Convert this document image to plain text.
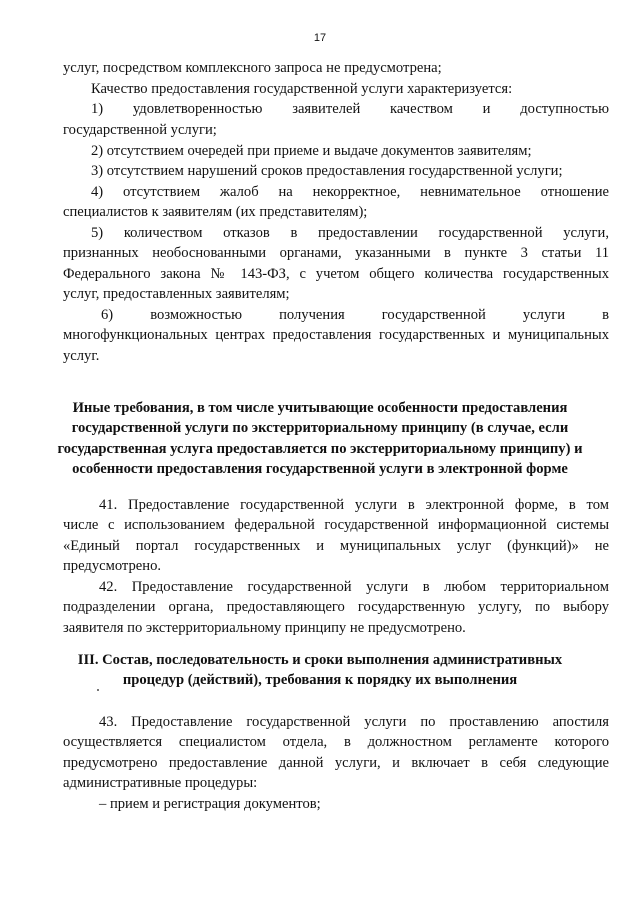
17
услуг, посредством комплексного запроса не предусмотрена;
Качество предоставления государственной услуги характеризуется:
1) удовлетворенностью заявителей качеством и доступностью
государственной услуги;
2) отсутствием очередей при приеме и выдаче документов заявителям;
3) отсутствием нарушений сроков предоставления государственной услуги;
4) отсутствием жалоб на некорректное, невнимательное отношение
специалистов к заявителям (их представителям);
5) количеством отказов в предоставлении государственной услуги,
признанных необоснованными органами, указанными в пункте 3 статьи 11
Федерального закона № 143-ФЗ, с учетом общего количества государственных
услуг, предоставленных заявителям;
6) возможностью получения государственной услуги в
многофункциональных центрах предоставления государственных и муниципальных
услуг.
Иные требования, в том числе учитывающие особенности предоставления
государственной услуги по экстерриториальному принципу (в случае, если
государственная услуга предоставляется по экстерриториальному принципу) и
особенности предоставления государственной услуги в электронной форме
41. Предоставление государственной услуги в электронной форме, в том
числе с использованием федеральной государственной информационной системы
«Единый портал государственных и муниципальных услуг (функций)» не
предусмотрено.
42. Предоставление государственной услуги в любом территориальном
подразделении органа, предоставляющего государственную услугу, по выбору
заявителя по экстерриториальному принципу не предусмотрено.
III. Состав, последовательность и сроки выполнения административных
процедур (действий), требования к порядку их выполнения
43. Предоставление государственной услуги по проставлению апостиля
осуществляется специалистом отдела, в должностном регламенте которого
предусмотрено предоставление данной услуги, и включает в себя следующие
административные процедуры:
– прием и регистрация документов;
